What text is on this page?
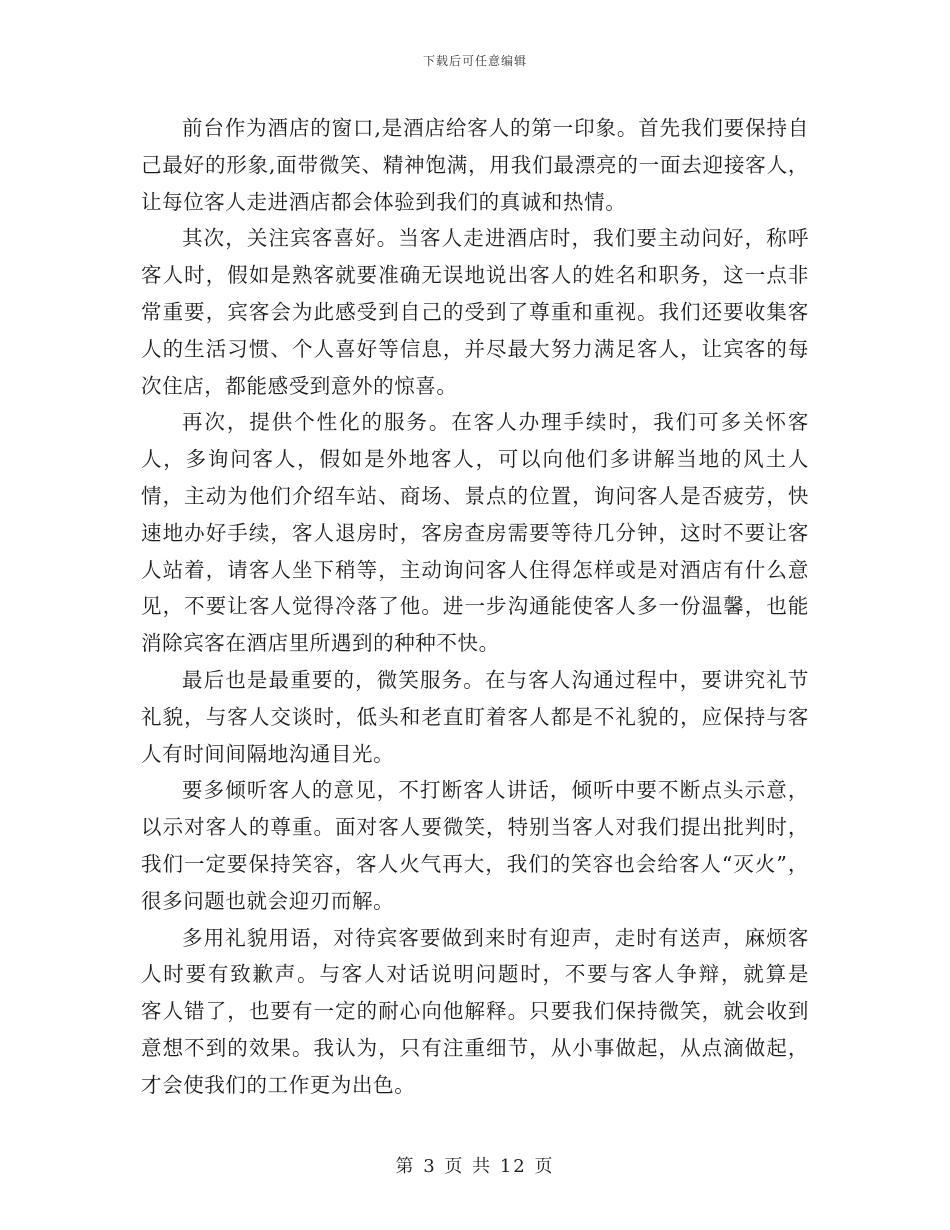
下载后可任意编辑

前台作为酒店的窗口,是酒店给客人的第一印象。首先我们要保持自己最好的形象,面带微笑、精神饱满，用我们最漂亮的一面去迎接客人，让每位客人走进酒店都会体验到我们的真诚和热情。

其次，关注宾客喜好。当客人走进酒店时，我们要主动问好，称呼客人时，假如是熟客就要准确无误地说出客人的姓名和职务，这一点非常重要，宾客会为此感受到自己的受到了尊重和重视。我们还要收集客人的生活习惯、个人喜好等信息，并尽最大努力满足客人，让宾客的每次住店，都能感受到意外的惊喜。

再次，提供个性化的服务。在客人办理手续时，我们可多关怀客人，多询问客人，假如是外地客人，可以向他们多讲解当地的风土人情，主动为他们介绍车站、商场、景点的位置，询问客人是否疲劳，快速地办好手续，客人退房时，客房查房需要等待几分钟，这时不要让客人站着，请客人坐下稍等，主动询问客人住得怎样或是对酒店有什么意见，不要让客人觉得冷落了他。进一步沟通能使客人多一份温馨，也能消除宾客在酒店里所遇到的种种不快。

最后也是最重要的，微笑服务。在与客人沟通过程中，要讲究礼节礼貌，与客人交谈时，低头和老直盯着客人都是不礼貌的，应保持与客人有时间间隔地沟通目光。

要多倾听客人的意见，不打断客人讲话，倾听中要不断点头示意，以示对客人的尊重。面对客人要微笑，特别当客人对我们提出批判时，我们一定要保持笑容，客人火气再大，我们的笑容也会给客人“灭火”，很多问题也就会迎刃而解。

多用礼貌用语，对待宾客要做到来时有迎声，走时有送声，麻烦客人时要有致歉声。与客人对话说明问题时，不要与客人争辩，就算是　　客人错了，也要有一定的耐心向他解释。只要我们保持微笑，就会收到意想不到的效果。我认为，只有注重细节，从小事做起，从点滴做起，才会使我们的工作更为出色。

第 3 页 共 12 页
